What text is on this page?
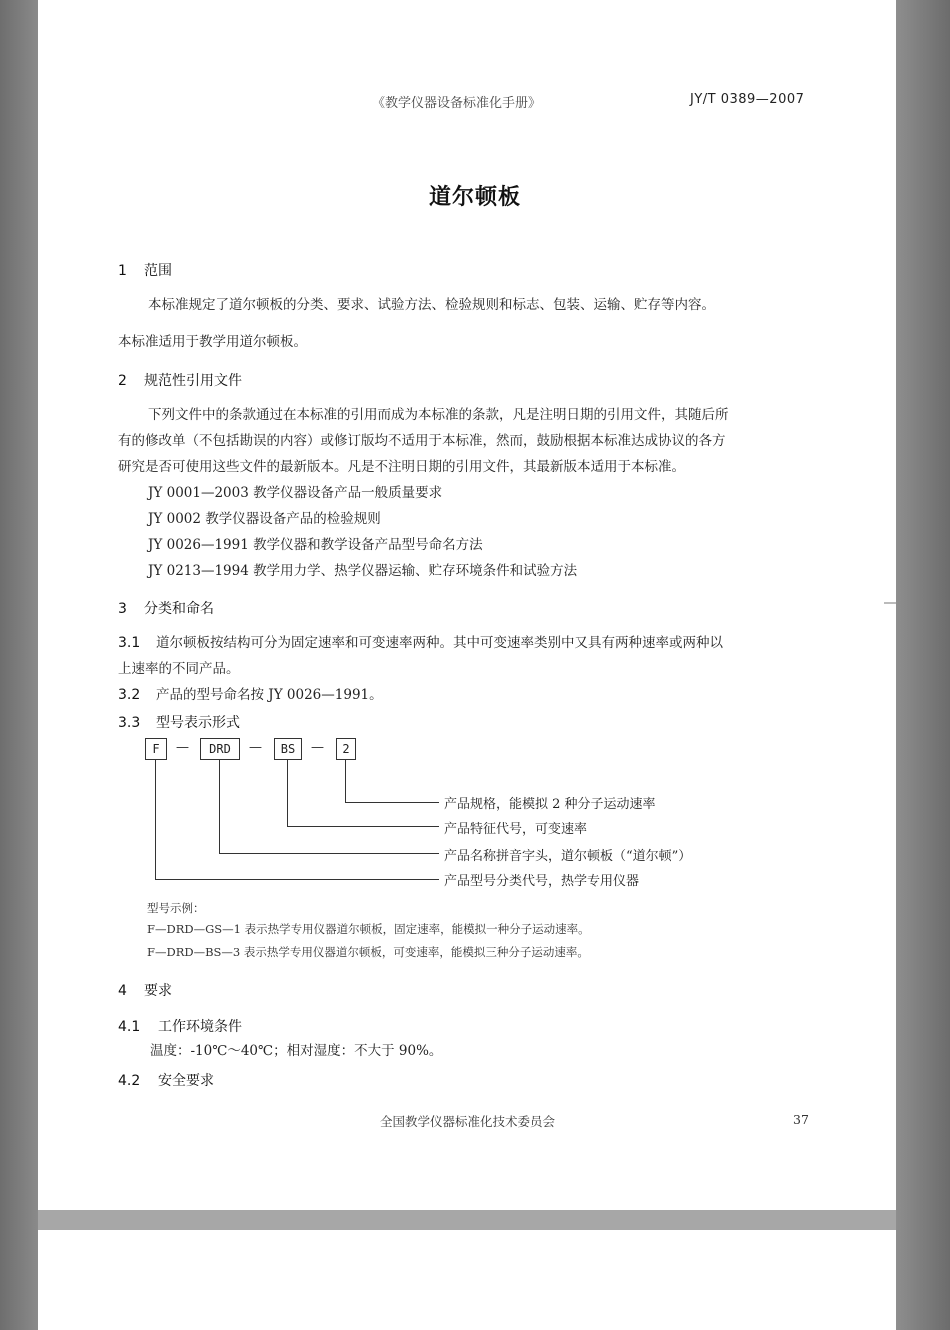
《教学仪器设备标准化手册》	JY/T 0389—2007
道尔顿板
1 范围
本标准规定了道尔顿板的分类、要求、试验方法、检验规则和标志、包装、运输、贮存等内容。
本标准适用于教学用道尔顿板。
2 规范性引用文件
下列文件中的条款通过在本标准的引用而成为本标准的条款，凡是注明日期的引用文件，其随后所
有的修改单（不包括勘误的内容）或修订版均不适用于本标准，然而，鼓励根据本标准达成协议的各方
研究是否可使用这些文件的最新版本。凡是不注明日期的引用文件，其最新版本适用于本标准。
JY 0001—2003 教学仪器设备产品一般质量要求
JY 0002 教学仪器设备产品的检验规则
JY 0026—1991 教学仪器和教学设备产品型号命名方法
JY 0213—1994 教学用力学、热学仪器运输、贮存环境条件和试验方法
3 分类和命名
3.1 道尔顿板按结构可分为固定速率和可变速率两种。其中可变速率类别中又具有两种速率或两种以
上速率的不同产品。
3.2 产品的型号命名按 JY 0026—1991。
3.3 型号表示形式
F	—	DRD	—	BS	—	2
产品规格，能模拟 2 种分子运动速率
产品特征代号，可变速率
产品名称拼音字头，道尔顿板（“道尔顿”）
产品型号分类代号，热学专用仪器
型号示例：
F—DRD—GS—1 表示热学专用仪器道尔顿板，固定速率，能模拟一种分子运动速率。
F—DRD—BS—3 表示热学专用仪器道尔顿板，可变速率，能模拟三种分子运动速率。
4 要求
4.1 工作环境条件
温度：-10℃～40℃；相对湿度：不大于 90%。
4.2 安全要求
全国教学仪器标准化技术委员会	37
